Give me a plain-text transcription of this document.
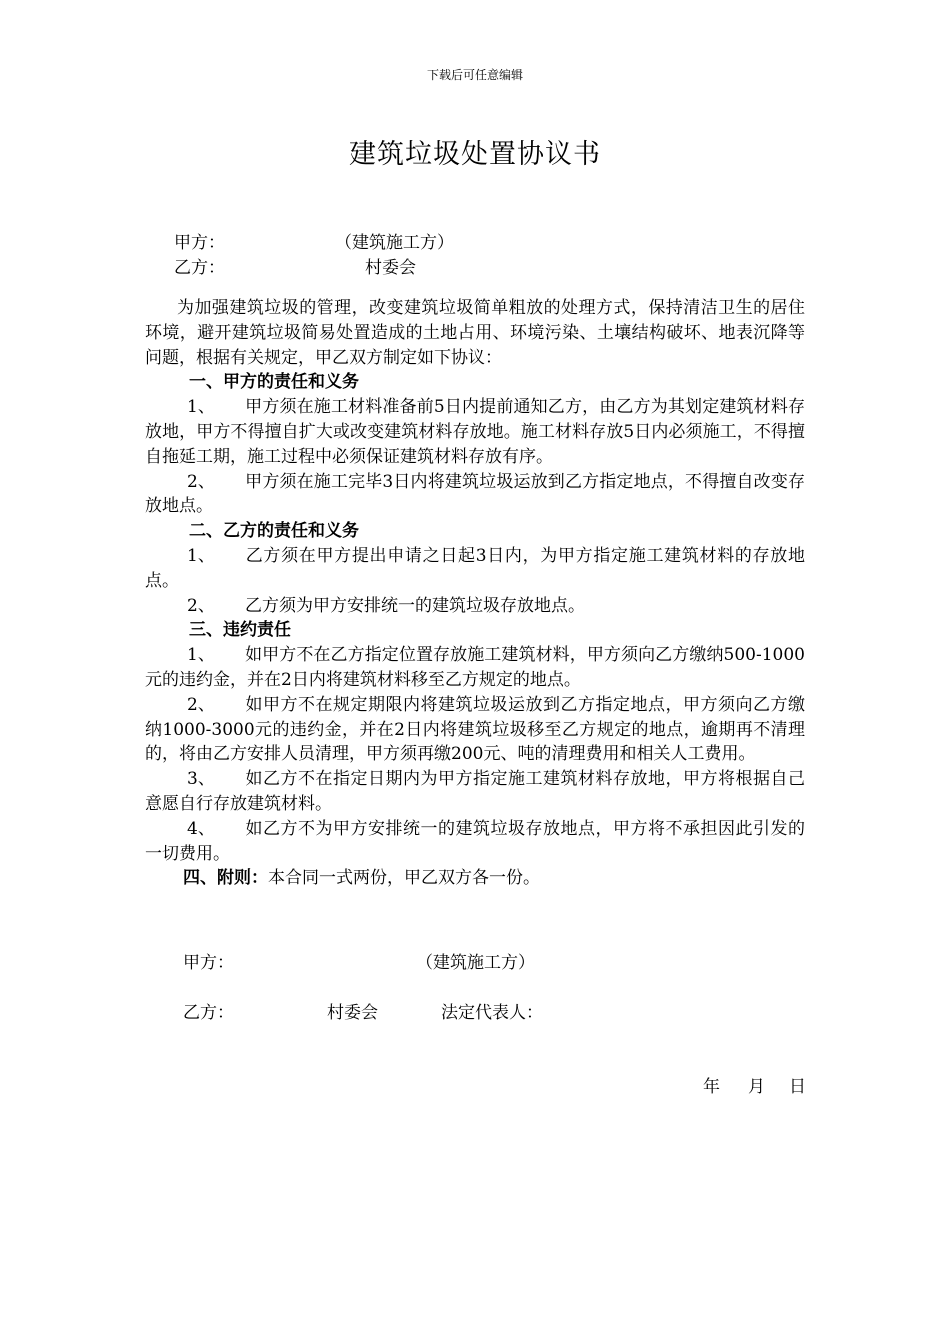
下载后可任意编辑
建筑垃圾处置协议书
甲方：	（建筑施工方）
乙方：	村委会

为加强建筑垃圾的管理，改变建筑垃圾简单粗放的处理方式，保持清洁卫生的居住环境，避开建筑垃圾简易处置造成的土地占用、环境污染、土壤结构破坏、地表沉降等问题，根据有关规定，甲乙双方制定如下协议：

一、甲方的责任和义务

1、 甲方须在施工材料准备前5日内提前通知乙方，由乙方为其划定建筑材料存放地，甲方不得擅自扩大或改变建筑材料存放地。施工材料存放5日内必须施工，不得擅自拖延工期，施工过程中必须保证建筑材料存放有序。

2、 甲方须在施工完毕3日内将建筑垃圾运放到乙方指定地点，不得擅自改变存放地点。

二、乙方的责任和义务

1、 乙方须在甲方提出申请之日起3日内，为甲方指定施工建筑材料的存放地点。

2、 乙方须为甲方安排统一的建筑垃圾存放地点。

三、违约责任

1、 如甲方不在乙方指定位置存放施工建筑材料，甲方须向乙方缴纳500-1000元的违约金，并在2日内将建筑材料移至乙方规定的地点。

2、 如甲方不在规定期限内将建筑垃圾运放到乙方指定地点，甲方须向乙方缴纳1000-3000元的违约金，并在2日内将建筑垃圾移至乙方规定的地点，逾期再不清理的，将由乙方安排人员清理，甲方须再缴200元、吨的清理费用和相关人工费用。

3、 如乙方不在指定日期内为甲方指定施工建筑材料存放地，甲方将根据自己意愿自行存放建筑材料。

4、 如乙方不为甲方安排统一的建筑垃圾存放地点，甲方将不承担因此引发的一切费用。

四、附则：本合同一式两份，甲乙双方各一份。

甲方：	（建筑施工方）
乙方：	村委会	法定代表人：
年 月 日
